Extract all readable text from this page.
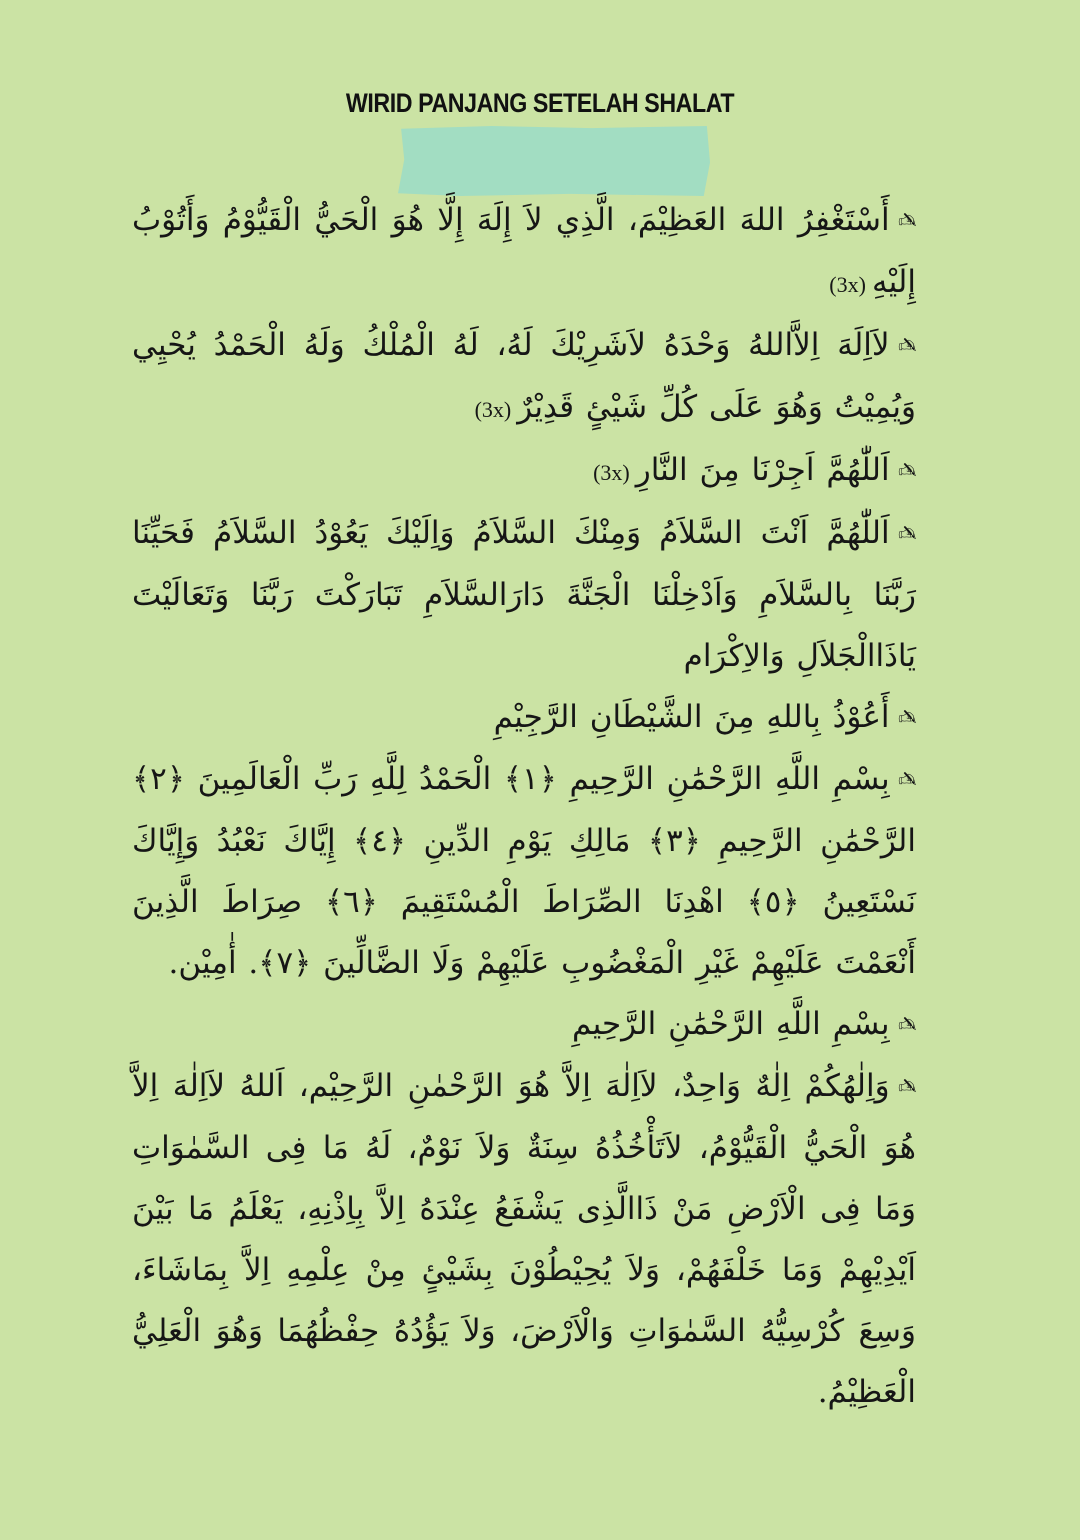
WIRID PANJANG SETELAH SHALAT
✍أَسْتَغْفِرُ اللهَ العَظِيْمَ، الَّذِي لاَ إِلَهَ إِلَّا هُوَ الْحَيُّ الْقَيُّوْمُ وَأَتُوْبُ إِلَيْهِ(3x)
✍لاَاِلَهَ اِلاَّاللهُ وَحْدَهُ لاَشَرِيْكَ لَهُ، لَهُ الْمُلْكُ وَلَهُ الْحَمْدُ يُحْيِي وَيُمِيْتُ وَهُوَ عَلَى كُلِّ شَيْئٍ قَدِيْرٌ(3x)
✍اَللّٰهُمَّ اَجِرْنَا مِنَ النَّارِ(3x)
✍اَللّٰهُمَّ اَنْتَ السَّلاَمُ وَمِنْكَ السَّلاَمُ وَاِلَيْكَ يَعُوْدُ السَّلاَمُ فَحَيِّنَا رَبَّنَا بِالسَّلاَمِ وَاَدْخِلْنَا الْجَنَّةَ دَارَالسَّلاَمِ تَبَارَكْتَ رَبَّنَا وَتَعَالَيْتَ يَاذَاالْجَلاَلِ وَالاِكْرَام
✍أَعُوْذُ بِاللهِ مِنَ الشَّيْطَانِ الرَّجِيْمِ
✍بِسْمِ اللَّهِ الرَّحْمَٰنِ الرَّحِيمِ ﴿١﴾ الْحَمْدُ لِلَّهِ رَبِّ الْعَالَمِينَ ﴿٢﴾ الرَّحْمَٰنِ الرَّحِيمِ ﴿٣﴾ مَالِكِ يَوْمِ الدِّينِ ﴿٤﴾ إِيَّاكَ نَعْبُدُ وَإِيَّاكَ نَسْتَعِينُ ﴿٥﴾ اهْدِنَا الصِّرَاطَ الْمُسْتَقِيمَ ﴿٦﴾ صِرَاطَ الَّذِينَ أَنْعَمْتَ عَلَيْهِمْ غَيْرِ الْمَغْضُوبِ عَلَيْهِمْ وَلَا الضَّالِّينَ ﴿٧﴾. أٰمِيْن.
✍بِسْمِ اللَّهِ الرَّحْمَٰنِ الرَّحِيمِ
✍وَاِلٰهُكُمْ اِلٰهٌ وَاحِدٌ، لاَاِلٰهَ اِلاَّ هُوَ الرَّحْمٰنِ الرَّحِيْم، اَللهُ لاَاِلٰهَ اِلاَّ هُوَ الْحَيُّ الْقَيُّوْمُ، لاَتَأْخُذُهُ سِنَةٌ وَلاَ نَوْمٌ، لَهُ مَا فِى السَّمٰوَاتِ وَمَا فِى الْاَرْضِ مَنْ ذَاالَّذِى يَشْفَعُ عِنْدَهُ اِلاَّ بِاِذْنِهِ، يَعْلَمُ مَا بَيْنَ اَيْدِيْهِمْ وَمَا خَلْفَهُمْ، وَلاَ يُحِيْطُوْنَ بِشَيْئٍ مِنْ عِلْمِهِ اِلاَّ بِمَاشَاءَ، وَسِعَ كُرْسِيُّهُ السَّمٰوَاتِ وَالْاَرْضَ، وَلاَ يَؤُدُهُ حِفْظُهُمَا وَهُوَ الْعَلِيُّ الْعَظِيْمُ.
